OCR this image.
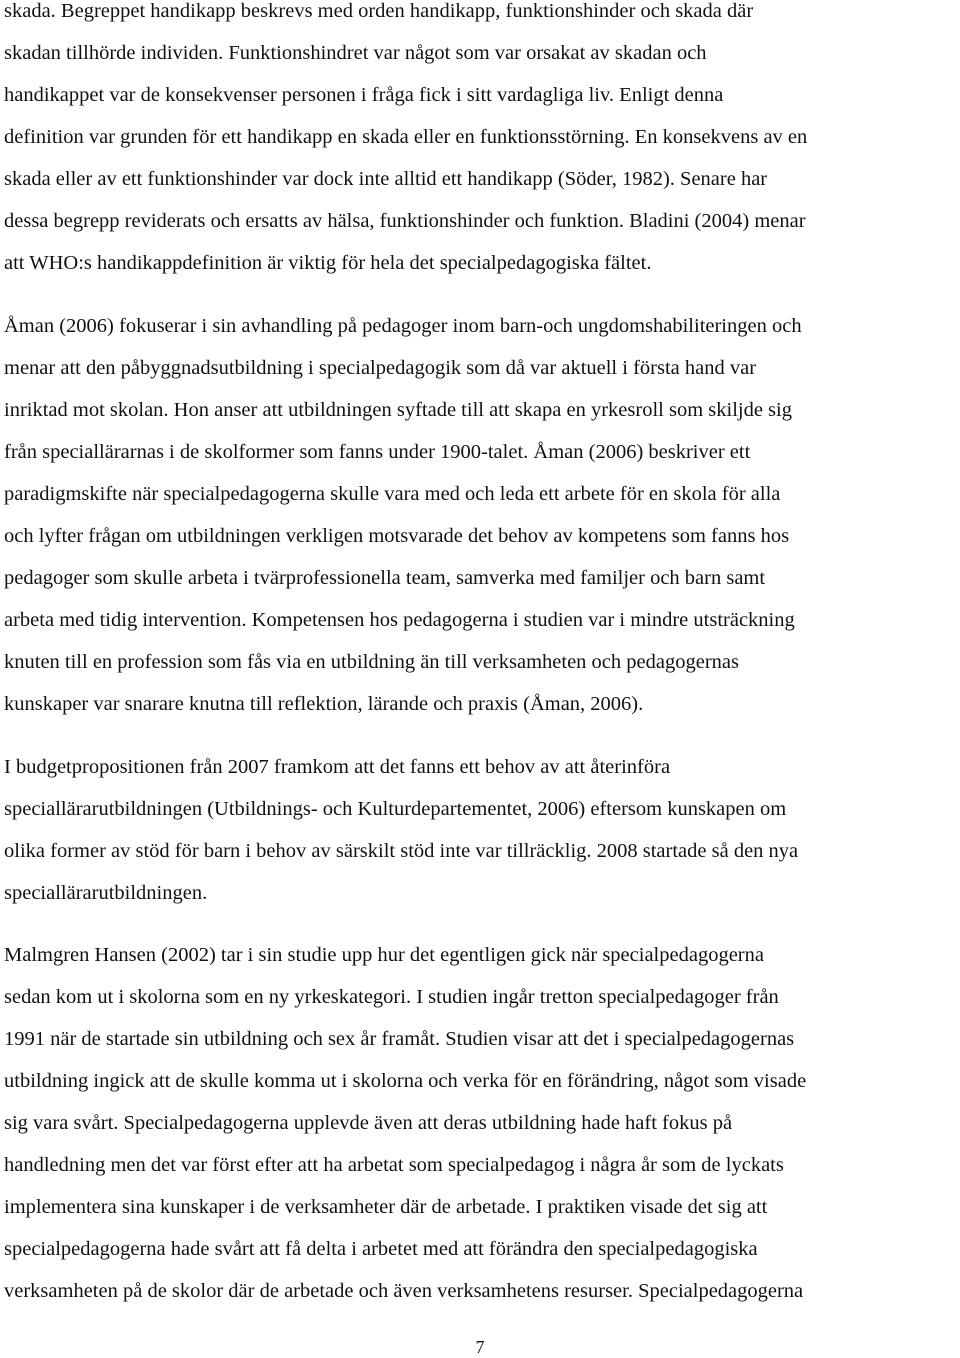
skada. Begreppet handikapp beskrevs med orden handikapp, funktionshinder och skada där
skadan tillhörde individen. Funktionshindret var något som var orsakat av skadan och
handikappet var de konsekvenser personen i fråga fick i sitt vardagliga liv. Enligt denna
definition var grunden för ett handikapp en skada eller en funktionsstörning. En konsekvens av en
skada eller av ett funktionshinder var dock inte alltid ett handikapp (Söder, 1982). Senare har
dessa begrepp reviderats och ersatts av hälsa, funktionshinder och funktion. Bladini (2004) menar
att WHO:s handikappdefinition är viktig för hela det specialpedagogiska fältet.
Åman (2006) fokuserar i sin avhandling på pedagoger inom barn-och ungdomshabiliteringen och
menar att den påbyggnadsutbildning i specialpedagogik som då var aktuell i första hand var
inriktad mot skolan. Hon anser att utbildningen syftade till att skapa en yrkesroll som skiljde sig
från speciallärarnas i de skolformer som fanns under 1900-talet. Åman (2006) beskriver ett
paradigmskifte när specialpedagogerna skulle vara med och leda ett arbete för en skola för alla
och lyfter frågan om utbildningen verkligen motsvarade det behov av kompetens som fanns hos
pedagoger som skulle arbeta i tvärprofessionella team, samverka med familjer och barn samt
arbeta med tidig intervention. Kompetensen hos pedagogerna i studien var i mindre utsträckning
knuten till en profession som fås via en utbildning än till verksamheten och pedagogernas
kunskaper var snarare knutna till reflektion, lärande och praxis (Åman, 2006).
I budgetpropositionen från 2007 framkom att det fanns ett behov av att återinföra
speciallärarutbildningen (Utbildnings- och Kulturdepartementet, 2006) eftersom kunskapen om
olika former av stöd för barn i behov av särskilt stöd inte var tillräcklig. 2008 startade så den nya
speciallärarutbildningen.
Malmgren Hansen (2002) tar i sin studie upp hur det egentligen gick när specialpedagogerna
sedan kom ut i skolorna som en ny yrkeskategori. I studien ingår tretton specialpedagoger från
1991 när de startade sin utbildning och sex år framåt. Studien visar att det i specialpedagogernas
utbildning ingick att de skulle komma ut i skolorna och verka för en förändring, något som visade
sig vara svårt. Specialpedagogerna upplevde även att deras utbildning hade haft fokus på
handledning men det var först efter att ha arbetat som specialpedagog i några år som de lyckats
implementera sina kunskaper i de verksamheter där de arbetade. I praktiken visade det sig att
specialpedagogerna hade svårt att få delta i arbetet med att förändra den specialpedagogiska
verksamheten på de skolor där de arbetade och även verksamhetens resurser. Specialpedagogerna
7
